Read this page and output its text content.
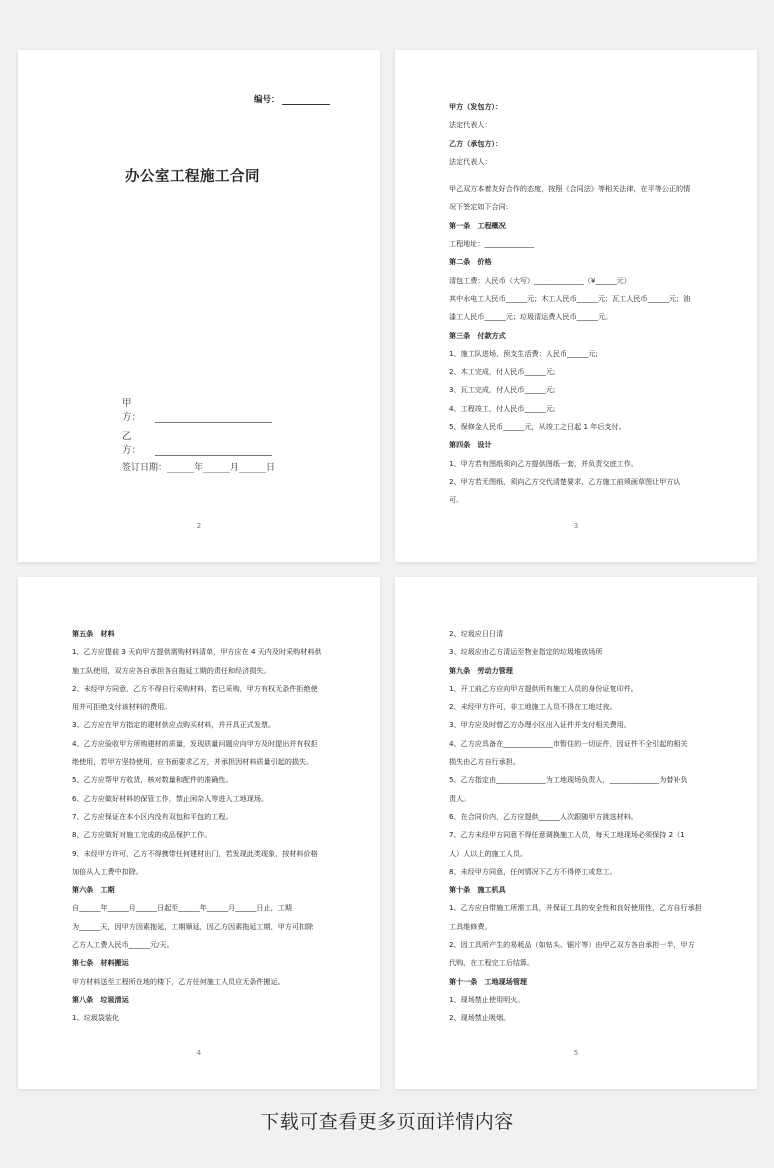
编号：
办公室工程施工合同
甲　方：
乙　方：
签订日期：______年______月______日
2

甲方（发包方）：

法定代表人：

乙方（承包方）：

法定代表人：

甲乙双方本着友好合作的态度，按照《合同法》等相关法律，在平等公正的情

况下签定如下合同:

第一条　工程概况

工程地址：______________

第二条　价格

清包工费：人民币（大写）______________（¥______元）

其中水电工人民币______元；木工人民币______元；瓦工人民币______元；油

漆工人民币______元；垃圾清运费人民币______元。

第三条　付款方式

1、施工队进场，预支生活费：人民币______元;

2、木工完成，付人民币______元;

3、瓦工完成，付人民币______元;

4、工程竣工，付人民币______元;

5、保修金人民币______元，从竣工之日起 1 年后支付。

第四条　设计

1、甲方若有图纸须向乙方提供图纸一套，并负责交底工作。

2、甲方若无图纸，须向乙方交代清楚要求，乙方施工前须画草图让甲方认

可。

3

第五条　材料

1、乙方应提前 3 天向甲方提供需购材料清单，甲方应在 4 天内及时采购材料供

施工队使用，双方应各自承担各自拖延工期的责任和经济损失。

2、未经甲方同意，乙方不得自行采购材料，若已采购，甲方有权无条件拒绝使

用并可拒绝支付该材料的费用。

3、乙方应在甲方指定的建材供应点购买材料，并开具正式发票。

4、乙方应验收甲方所购建材的质量，发现质量问题应向甲方及时提出并有权拒

绝使用，若甲方坚持使用，应书面要求乙方，并承担因材料质量引起的损失。

5、乙方应帮甲方收货，核对数量和配件的准确性。

6、乙方应做好材料的保管工作，禁止闲杂人等进入工地现场。

7、乙方应保证在本小区内没有双包和平包的工程。

8、乙方应做好对施工完成的成品保护工作。

9、未经甲方许可，乙方不得携带任何建材出门，若发现此类现象，按材料价格

加倍从人工费中扣除。

第六条　工期

自______年______月______日起至______年______月______日止，工期

为______天，因甲方因素拖延，工期顺延，因乙方因素拖延工期，甲方可扣除

乙方人工费人民币______元/天。

第七条　材料搬运

甲方材料送至工程所在地的楼下，乙方任何施工人员应无条件搬运。

第八条　垃圾清运

1、垃圾袋装化

4

2、垃圾应日日清

3、垃圾应由乙方清运至物业指定的垃圾堆放场所

第九条　劳动力管理

1、开工前乙方应向甲方提供所有施工人员的身份证复印件。

2、未经甲方许可，非工地施工人员不得在工地过夜。

3、甲方应及时替乙方办理小区出入证件并支付相关费用。

4、乙方应具备在______________市暂住的一切证件，因证件不全引起的相关

损失由乙方自行承担。

5、乙方指定由______________为工地现场负责人，______________为替补负

责人。

6、在合同价内，乙方应提供______人次跟随甲方挑选材料。

7、乙方未经甲方同意不得任意调换施工人员，每天工地现场必须保持 2（1

人）人以上的施工人员。

8、未经甲方同意，任何情况下乙方不得停工或怠工。

第十条　施工机具

1、乙方应自带施工所需工具，并保证工具的安全性和良好使用性，乙方自行承担

工具维修费。

2、因工具所产生的易耗品（如钻头、锯片等）由甲乙双方各自承担一半，甲方

代购，在工程完工后结算。

第十一条　工地现场管理

1、现场禁止使用明火。

2、现场禁止吸烟。

5
下载可查看更多页面详情内容
